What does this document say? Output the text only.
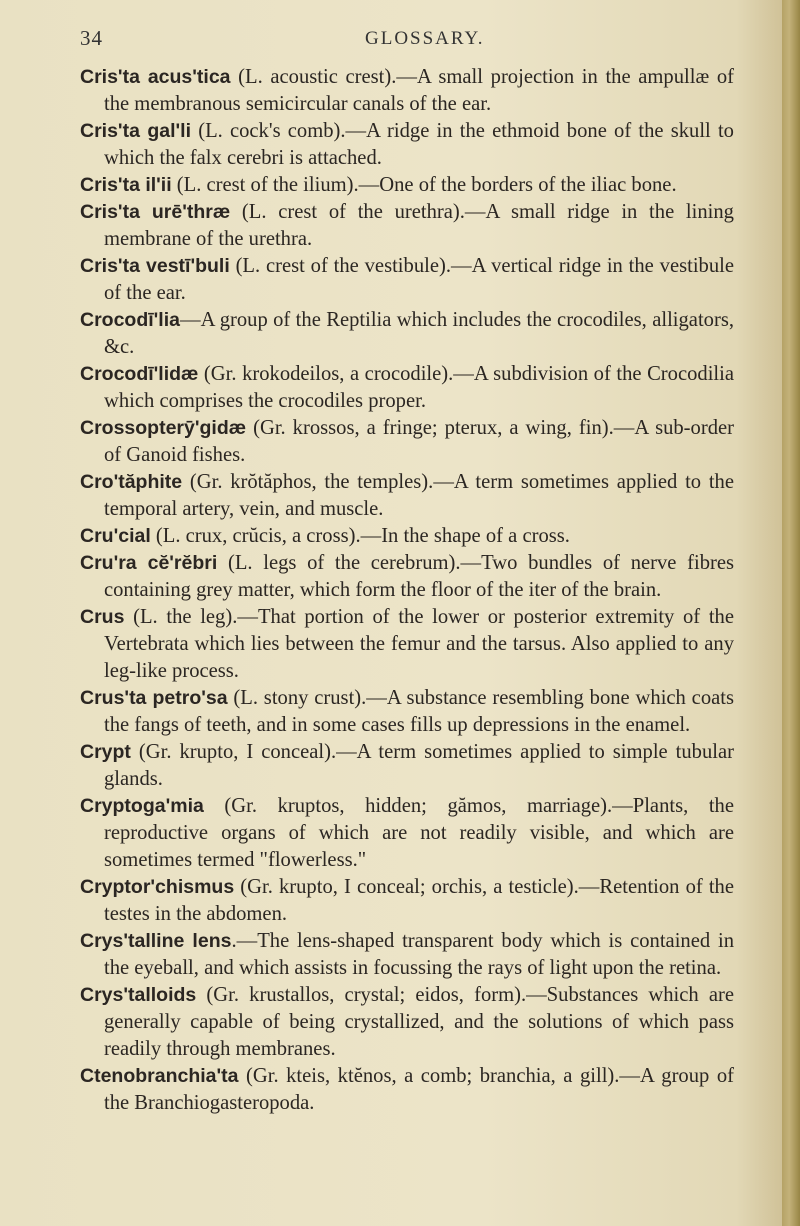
34	GLOSSARY.
Cris'ta acus'tica (L. acoustic crest).—A small projection in the ampullæ of the membranous semicircular canals of the ear.
Cris'ta gal'li (L. cock's comb).—A ridge in the ethmoid bone of the skull to which the falx cerebri is attached.
Cris'ta il'ii (L. crest of the ilium).—One of the borders of the iliac bone.
Cris'ta urē'thræ (L. crest of the urethra).—A small ridge in the lining membrane of the urethra.
Cris'ta vestī'buli (L. crest of the vestibule).—A vertical ridge in the vestibule of the ear.
Crocodī'lia—A group of the Reptilia which includes the crocodiles, alligators, &c.
Crocodī'lidæ (Gr. krokodeilos, a crocodile).—A subdivision of the Crocodilia which comprises the crocodiles proper.
Crossopterȳ'gidæ (Gr. krossos, a fringe; pterux, a wing, fin).—A sub-order of Ganoid fishes.
Cro'tăphite (Gr. krŏtăphos, the temples).—A term sometimes applied to the temporal artery, vein, and muscle.
Cru'cial (L. crux, crŭcis, a cross).—In the shape of a cross.
Cru'ra cĕ'rĕbri (L. legs of the cerebrum).—Two bundles of nerve fibres containing grey matter, which form the floor of the iter of the brain.
Crus (L. the leg).—That portion of the lower or posterior extremity of the Vertebrata which lies between the femur and the tarsus. Also applied to any leg-like process.
Crus'ta petro'sa (L. stony crust).—A substance resembling bone which coats the fangs of teeth, and in some cases fills up depressions in the enamel.
Crypt (Gr. krupto, I conceal).—A term sometimes applied to simple tubular glands.
Cryptoga'mia (Gr. kruptos, hidden; gămos, marriage).—Plants, the reproductive organs of which are not readily visible, and which are sometimes termed "flowerless."
Cryptor'chismus (Gr. krupto, I conceal; orchis, a testicle).—Retention of the testes in the abdomen.
Crys'talline lens.—The lens-shaped transparent body which is contained in the eyeball, and which assists in focussing the rays of light upon the retina.
Crys'talloids (Gr. krustallos, crystal; eidos, form).—Substances which are generally capable of being crystallized, and the solutions of which pass readily through membranes.
Ctenobranchia'ta (Gr. kteis, ktĕnos, a comb; branchia, a gill).—A group of the Branchiogasteropoda.
